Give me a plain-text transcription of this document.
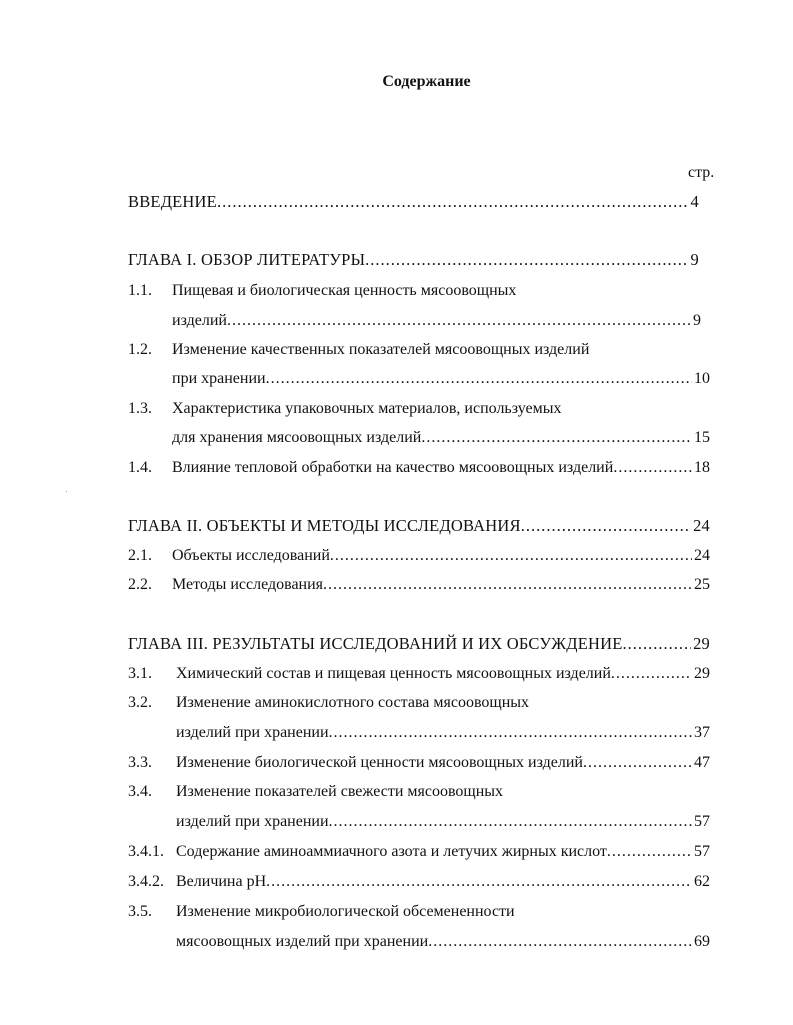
Содержание
стр.
ВВЕДЕНИЕ .....	4
ГЛАВА I. ОБЗОР ЛИТЕРАТУРЫ .....	9
1.1. Пищевая и биологическая ценность мясоовощных
изделий .....	9
1.2. Изменение качественных показателей мясоовощных изделий
при хранении .....	10
1.3. Характеристика упаковочных материалов, используемых
для хранения мясоовощных изделий .....	15
1.4. Влияние тепловой обработки на качество мясоовощных изделий .....	18
ГЛАВА II. ОБЪЕКТЫ И МЕТОДЫ ИССЛЕДОВАНИЯ .....	24
2.1. Объекты исследований .....	24
2.2. Методы исследования .....	25
ГЛАВА III. РЕЗУЛЬТАТЫ ИССЛЕДОВАНИЙ И ИХ ОБСУЖДЕНИЕ .....	29
3.1. Химический состав и пищевая ценность мясоовощных изделий .....	29
3.2. Изменение аминокислотного состава мясоовощных
изделий при хранении .....	37
3.3. Изменение биологической ценности мясоовощных изделий .....	47
3.4. Изменение показателей свежести мясоовощных
изделий при хранении .....	57
3.4.1. Содержание аминоаммиачного азота и летучих жирных кислот .....	57
3.4.2. Величина рН .....	62
3.5. Изменение микробиологической обсемененности
мясоовощных изделий при хранении .....	69
